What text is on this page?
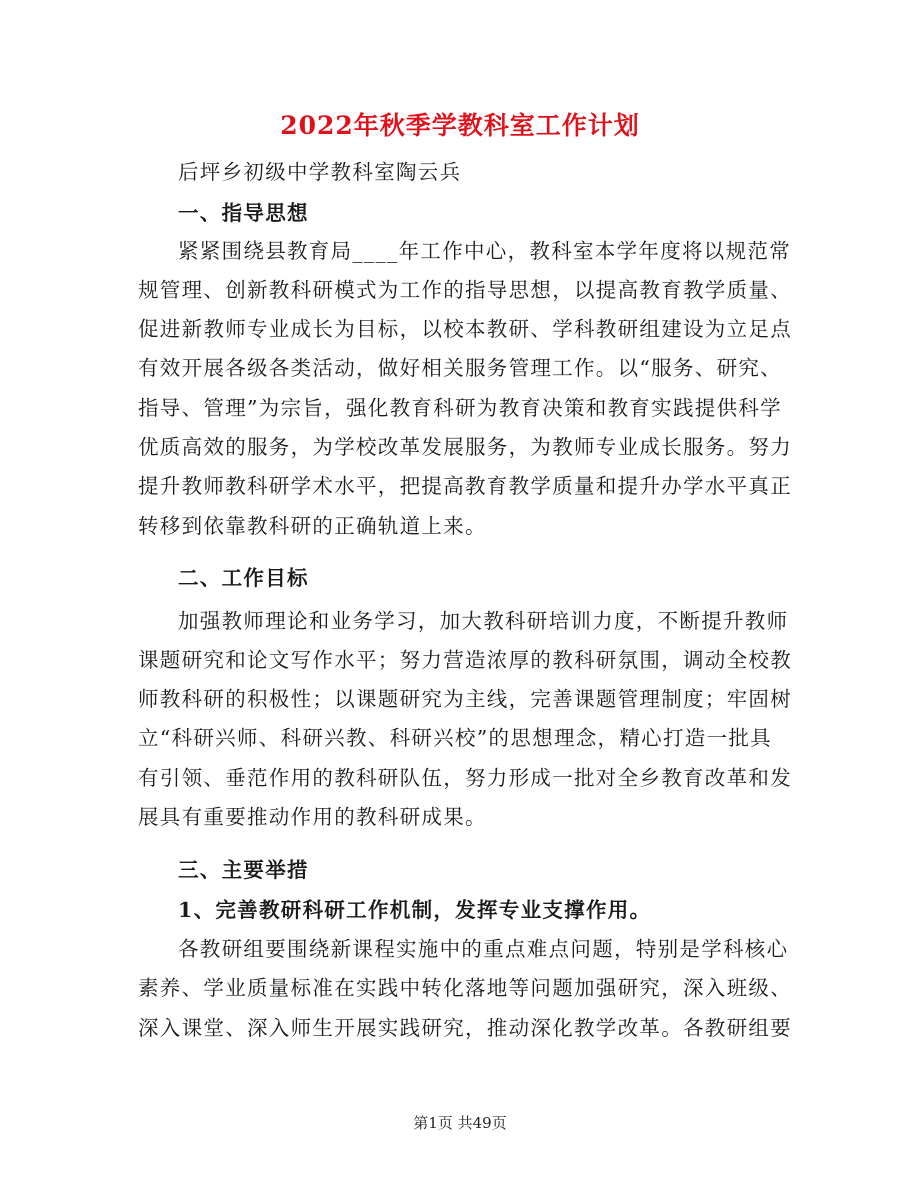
2022年秋季学教科室工作计划
后坪乡初级中学教科室陶云兵
一、指导思想
紧紧围绕县教育局____年工作中心，教科室本学年度将以规范常
规管理、创新教科研模式为工作的指导思想，以提高教育教学质量、
促进新教师专业成长为目标，以校本教研、学科教研组建设为立足点
有效开展各级各类活动，做好相关服务管理工作。以“服务、研究、
指导、管理”为宗旨，强化教育科研为教育决策和教育实践提供科学
优质高效的服务，为学校改革发展服务，为教师专业成长服务。努力
提升教师教科研学术水平，把提高教育教学质量和提升办学水平真正
转移到依靠教科研的正确轨道上来。
二、工作目标
加强教师理论和业务学习，加大教科研培训力度，不断提升教师
课题研究和论文写作水平；努力营造浓厚的教科研氛围，调动全校教
师教科研的积极性；以课题研究为主线，完善课题管理制度；牢固树
立“科研兴师、科研兴教、科研兴校”的思想理念，精心打造一批具
有引领、垂范作用的教科研队伍，努力形成一批对全乡教育改革和发
展具有重要推动作用的教科研成果。
三、主要举措
1、完善教研科研工作机制，发挥专业支撑作用。
各教研组要围绕新课程实施中的重点难点问题，特别是学科核心
素养、学业质量标准在实践中转化落地等问题加强研究，深入班级、
深入课堂、深入师生开展实践研究，推动深化教学改革。各教研组要
第1页 共49页
